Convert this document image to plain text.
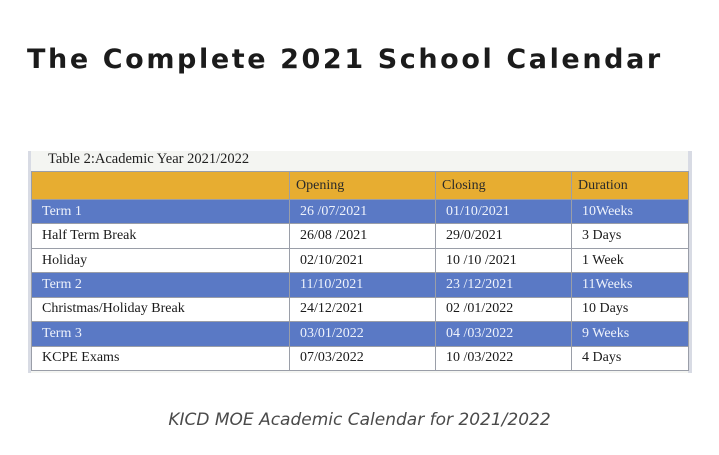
The Complete 2021 School Calendar
Table 2:Academic Year 2021/2022
	Opening	Closing	Duration
Term 1	26 /07/2021	01/10/2021	10Weeks
Half Term Break	26/08 /2021	29/0/2021	3 Days
Holiday	02/10/2021	10 /10 /2021	1 Week
Term 2	11/10/2021	23 /12/2021	11Weeks
Christmas/Holiday Break	24/12/2021	02 /01/2022	10 Days
Term 3	03/01/2022	04 /03/2022	9 Weeks
KCPE Exams	07/03/2022	10 /03/2022	4 Days

KICD MOE Academic Calendar for 2021/2022
